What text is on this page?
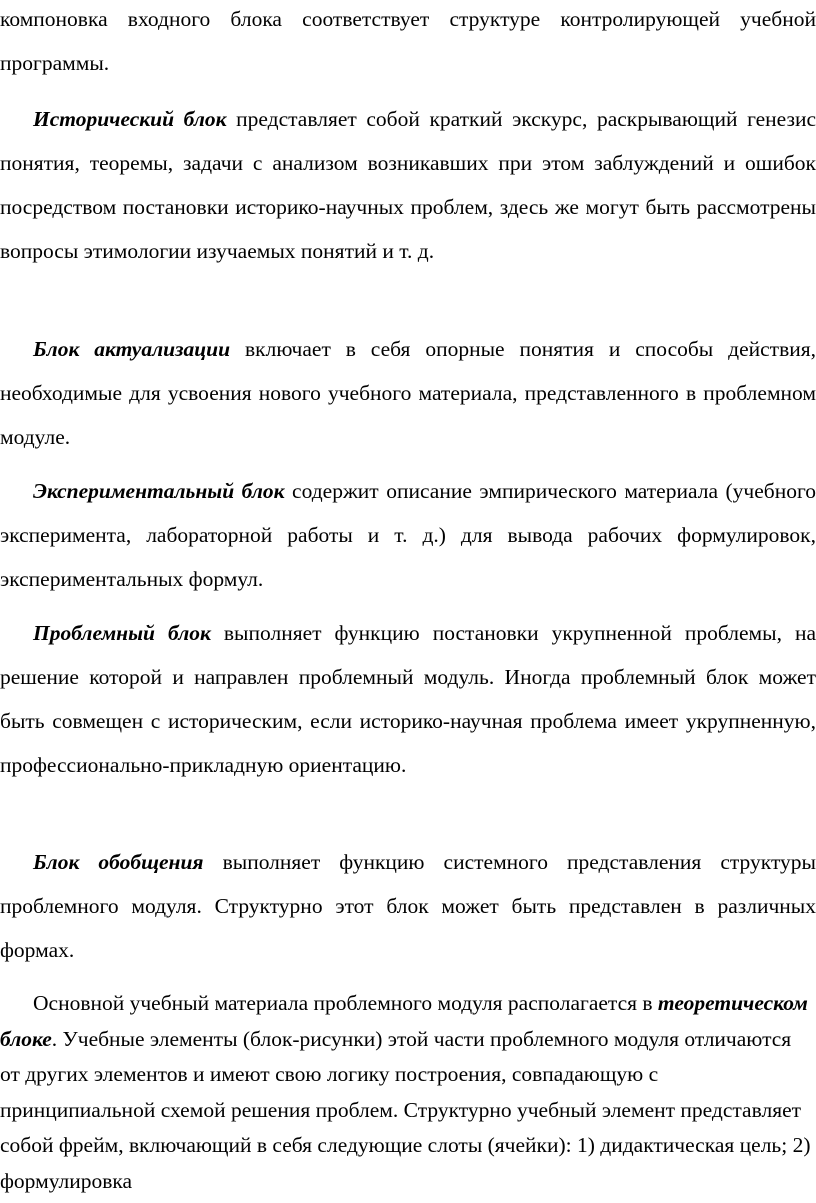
компоновка входного блока соответствует структуре контролирующей учебной программы.

Исторический блок представляет собой краткий экскурс, раскрывающий генезис понятия, теоремы, задачи с анализом возникавших при этом заблуждений и ошибок посредством постановки историко-научных проблем, здесь же могут быть рассмотрены вопросы этимологии изучаемых понятий и т. д.

Блок актуализации включает в себя опорные понятия и способы действия, необходимые для усвоения нового учебного материала, представленного в проблемном модуле.

Экспериментальный блок содержит описание эмпирического материала (учебного эксперимента, лабораторной работы и т. д.) для вывода рабочих формулировок, экспериментальных формул.

Проблемный блок выполняет функцию постановки укрупненной проблемы, на решение которой и направлен проблемный модуль. Иногда проблемный блок может быть совмещен с историческим, если историко-научная проблема имеет укрупненную, профессионально-прикладную ориентацию.

Блок обобщения выполняет функцию системного представления структуры проблемного модуля. Структурно этот блок может быть представлен в различных формах.

Основной учебный материала проблемного модуля располагается в теоретическом блоке. Учебные элементы (блок-рисунки) этой части проблемного модуля отличаются от других элементов и имеют свою логику построения, совпадающую с принципиальной схемой решения проблем. Структурно учебный элемент представляет собой фрейм, включающий в себя следующие слоты (ячейки): 1) дидактическая цель; 2) формулировка
